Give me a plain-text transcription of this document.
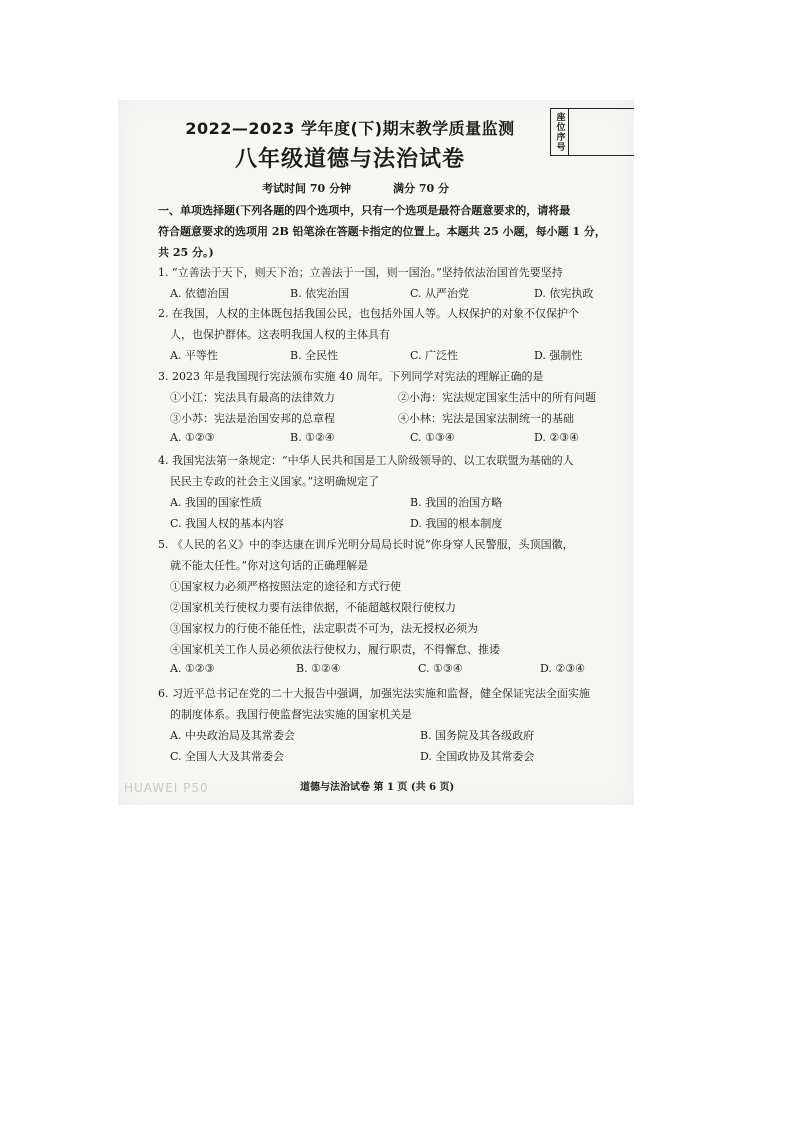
座位序号
2022—2023 学年度(下)期末教学质量监测
八年级道德与法治试卷
考试时间 70 分钟	满分 70 分
一、单项选择题(下列各题的四个选项中，只有一个选项是最符合题意要求的，请将最
符合题意要求的选项用 2B 铅笔涂在答题卡指定的位置上。本题共 25 小题，每小题 1 分，
共 25 分。)
1. “立善法于天下，则天下治；立善法于一国，则一国治。”坚持依法治国首先要坚持
A. 依德治国	B. 依宪治国	C. 从严治党	D. 依宪执政
2. 在我国，人权的主体既包括我国公民，也包括外国人等。人权保护的对象不仅保护个
人，也保护群体。这表明我国人权的主体具有
A. 平等性	B. 全民性	C. 广泛性	D. 强制性
3. 2023 年是我国现行宪法颁布实施 40 周年。下列同学对宪法的理解正确的是
①小江：宪法具有最高的法律效力	②小海：宪法规定国家生活中的所有问题
③小苏：宪法是治国安邦的总章程	④小林：宪法是国家法制统一的基础
A. ①②③	B. ①②④	C. ①③④	D. ②③④
4. 我国宪法第一条规定：“中华人民共和国是工人阶级领导的、以工农联盟为基础的人
民民主专政的社会主义国家。”这明确规定了
A. 我国的国家性质	B. 我国的治国方略
C. 我国人权的基本内容	D. 我国的根本制度
5. 《人民的名义》中的李达康在训斥光明分局局长时说“你身穿人民警服，头顶国徽，
就不能太任性。”你对这句话的正确理解是
①国家权力必须严格按照法定的途径和方式行使
②国家机关行使权力要有法律依据，不能超越权限行使权力
③国家权力的行使不能任性，法定职责不可为，法无授权必须为
④国家机关工作人员必须依法行使权力、履行职责，不得懈怠、推诿
A. ①②③	B. ①②④	C. ①③④	D. ②③④
6. 习近平总书记在党的二十大报告中强调，加强宪法实施和监督，健全保证宪法全面实施
的制度体系。我国行使监督宪法实施的国家机关是
A. 中央政治局及其常委会	B. 国务院及其各级政府
C. 全国人大及其常委会	D. 全国政协及其常委会
HUAWEI P50	道德与法治试卷 第 1 页 (共 6 页)
